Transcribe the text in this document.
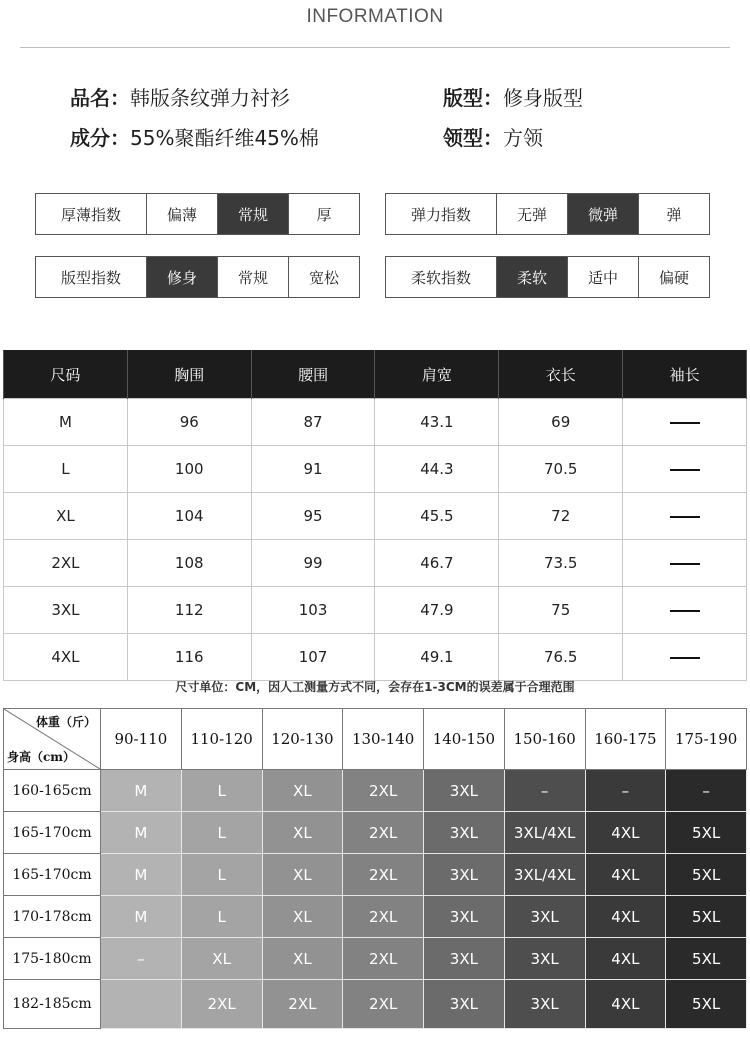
INFORMATION
品名：韩版条纹弹力衬衫
成分：55%聚酯纤维45%棉
版型：修身版型
领型：方领
厚薄指数	偏薄	常规	厚	弹力指数	无弹	微弹	弹
版型指数	修身	常规	宽松	柔软指数	柔软	适中	偏硬
尺码	胸围	腰围	肩宽	衣长	袖长
M	96	87	43.1	69	
L	100	91	44.3	70.5	
XL	104	95	45.5	72	
2XL	108	99	46.7	73.5	
3XL	112	103	47.9	75	
4XL	116	107	49.1	76.5	
尺寸单位：CM，因人工测量方式不同，会存在1-3CM的误差属于合理范围
体重（斤）
身高（cm）	90-110	110-120	120-130	130-140	140-150	150-160	160-175	175-190
160-165cm	M	L	XL	2XL	3XL	–	–	–
165-170cm	M	L	XL	2XL	3XL	3XL/4XL	4XL	5XL
165-170cm	M	L	XL	2XL	3XL	3XL/4XL	4XL	5XL
170-178cm	M	L	XL	2XL	3XL	3XL	4XL	5XL
175-180cm	–	XL	XL	2XL	3XL	3XL	4XL	5XL
182-185cm		2XL	2XL	2XL	3XL	3XL	4XL	5XL
